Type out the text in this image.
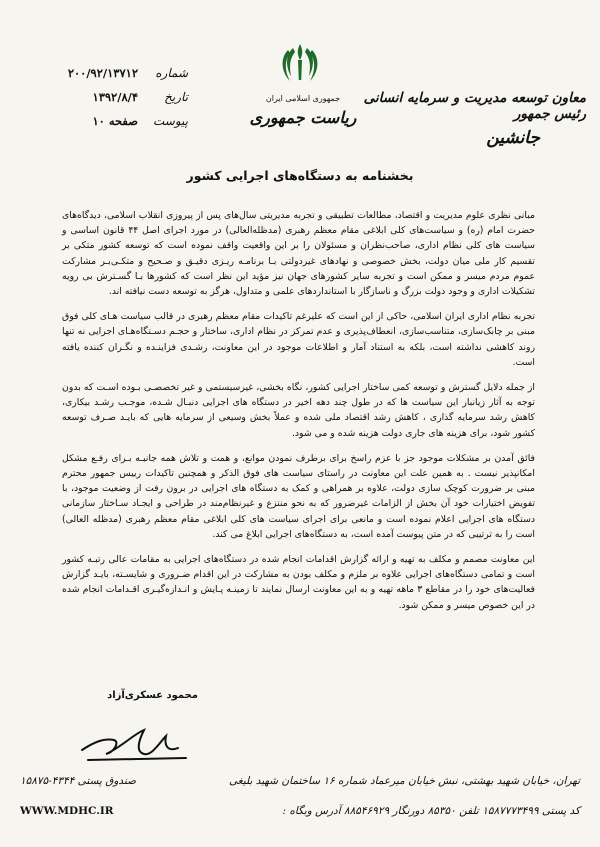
شماره
۲۰۰/۹۲/۱۳۷۱۲
تاریخ
۱۳۹۲/۸/۴
پیوست
۱۰ صفحه
جمهوری اسلامی ایران
ریاست جمهوری
معاون توسعه مدیریت و سرمایه انسانی رئیس جمهور
جانشین
بخشنامه به دستگاه‌های اجرایی کشور

مبانی نظری علوم مدیریت و اقتصاد، مطالعات تطبیقی و تجربه مدیریتی سال‌های پس از پیروزی انقلاب اسلامی، دیدگاه‌های حضرت امام (ره) و سیاست‌های کلی ابلاغی مقام معظم رهبری (مدظله‌العالی) در مورد اجرای اصل ۴۴ قانون اساسی و سیاست های کلی نظام اداری، صاحب‌نظران و مسئولان را بر این واقعیت واقف نموده است که توسعه کشور متکی بر تقسیم کار ملی میان دولت، بخش خصوصی و نهادهای غیردولتی بـا برنامـه ریـزی دقیـق و صـحیح و متکـی‌بـر مشارکت عموم مردم میسر و ممکن است و تجربه سایر کشورهای جهان نیز مؤید این نظر است که کشورها بـا گسـترش بی رویه تشکیلات اداری و وجود دولت بزرگ و ناسازگار با استانداردهای علمی و متداول، هرگز به توسعه دست نیافته اند.

تجربه نظام اداری ایران اسلامی، حاکی از این است که علیرغم تاکیدات مقام معظم رهبری در قالب سیاست هـای کلی فوق مبنی بر چابک‌سازی، متناسب‌سازی، انعطاف‌پذیری و عدم تمرکز در نظام اداری، ساختار و حجـم دسـتگاه‌هـای اجرایی نه تنها روند کاهشی نداشته است، بلکه به استناد آمار و اطلاعات موجود در این معاونت، رشـدی فزاینـده و نگـران کننده یافته است.

از جمله دلایل گسترش و توسعه کمی ساختار اجرایی کشور، نگاه بخشی، غیرسیستمی و غیر تخصصـی بـوده اسـت که بدون توجه به آثار زیانبار این سیاست ها که در طول چند دهه اخیر در دستگاه های اجرایی دنبـال شـده، موجـب رشـد بیکاری، کاهش رشد سرمایه گذاری ، کاهش رشد اقتصاد ملی شده و عملاً بخش وسیعی از سرمایه هایی که بایـد صـرف توسعه کشور شود، برای هزینه های جاری دولت هزینه شده و می شود.

فائق آمدن بر مشکلات موجود جز با عزم راسخ برای برطرف نمودن موانع، و همت و تلاش همه جانبـه بـرای رفـع مشکل امکانپذیر نیست . به همین علت این معاونت در راستای سیاست های فوق الذکر و همچنین تاکیدات رییس جمهور محترم مبنی بر ضرورت کوچک سازی دولت، علاوه بر همراهی و کمک به دستگاه های اجرایی در برون رفت از وضعیت موجود، با تفویض اختیارات خود آن بخش از الزامات غیرضرور که به نحو منتزع و غیرنظام‌مند در طراحی و ایجـاد سـاختار سازمانی دستگاه های اجرایی اعلام نموده است و مانعی برای اجرای سیاست های کلی ابلاغی مقام معظم رهبری (مدظله العالی) است را به ترتیبی که در متن پیوست آمده است، به دستگاه‌های اجرایی ابلاغ می کند.

این معاونت مصمم و مکلف به تهیه و ارائه گزارش اقدامات انجام شده در دستگاه‌های اجرایی به مقامات عالی رتبـه کشور است و تمامی دستگاه‌های اجرایی علاوه بر ملزم و مکلف بودن به مشارکت در این اقدام ضـروری و شایسـته، بایـد گزارش فعالیت‌های خود را در مقاطع ۳ ماهه تهیه و به این معاونت ارسال نمایند تا زمینـه پـایش و انـدازه‌گیـری اقـدامات انجام شده در این خصوص میسر و ممکن شود.

محمود عسکری‌آزاد
تهران، خیابان شهید بهشتی، نبش خیابان میرعماد شماره ۱۶ ساختمان شهید بلیغی
صندوق پستی ۴۳۴۴-۱۵۸۷۵
کد پستی ۱۵۸۷۷۷۳۴۹۹ تلفن ۸۵۳۵۰ دورنگار ۸۸۵۴۶۹۲۹ آدرس وبگاه :
WWW.MDHC.IR
